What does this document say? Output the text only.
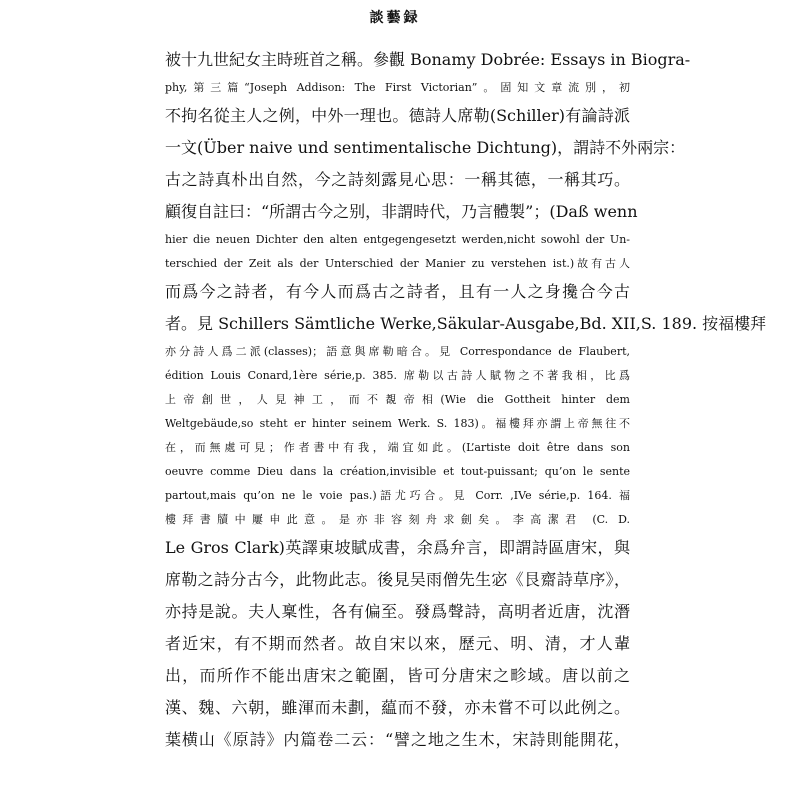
談藝録
被十九世紀女主時班首之稱。參觀 Bonamy Dobrée: Essays in Biogra-
phy,第三篇“Joseph Addison: The First Victorian”。固知文章流別，初
不拘名從主人之例，中外一理也。德詩人席勒(Schiller)有論詩派
一文(Über naive und sentimentalische Dichtung)，謂詩不外兩宗：
古之詩真朴出自然，今之詩刻露見心思：一稱其德，一稱其巧。
顧復自註曰：“所謂古今之别，非謂時代，乃言體製”；(Daß wenn
hier die neuen Dichter den alten entgegengesetzt werden,nicht sowohl der Un-
terschied der Zeit als der Unterschied der Manier zu verstehen ist.)故有古人
而爲今之詩者，有今人而爲古之詩者，且有一人之身攙合今古
者。見 Schillers Sämtliche Werke,Säkular-Ausgabe,Bd. XII,S. 189. 按福樓拜
亦分詩人爲二派(classes)；語意與席勒暗合。見 Correspondance de Flaubert,
édition Louis Conard,1ère série,p. 385. 席勒以古詩人賦物之不著我相，比爲
上帝創世，人見神工，而不覩帝相(Wie die Gottheit hinter dem
Weltgebäude,so steht er hinter seinem Werk. S. 183)。福樓拜亦謂上帝無往不
在，而無處可見；作者書中有我，端宜如此。(L’artiste doit être dans son
oeuvre comme Dieu dans la création,invisible et tout-puissant; qu’on le sente
partout,mais qu’on ne le voie pas.)語尤巧合。見 Corr. ,IVe série,p. 164. 福
樓拜書牘中屢申此意。是亦非容刻舟求劍矣。李高潔君 (C. D.
Le Gros Clark)英譯東坡賦成書，余爲弁言，即謂詩區唐宋，與
席勒之詩分古今，此物此志。後見吴雨僧先生宓《艮齋詩草序》，
亦持是說。夫人稟性，各有偏至。發爲聲詩，高明者近唐，沈潛
者近宋，有不期而然者。故自宋以來，歷元、明、清，才人輩
出，而所作不能出唐宋之範圍，皆可分唐宋之畛域。唐以前之
漢、魏、六朝，雖渾而未劃，藴而不發，亦未嘗不可以此例之。
葉横山《原詩》内篇卷二云：“譬之地之生木，宋詩則能開花，
